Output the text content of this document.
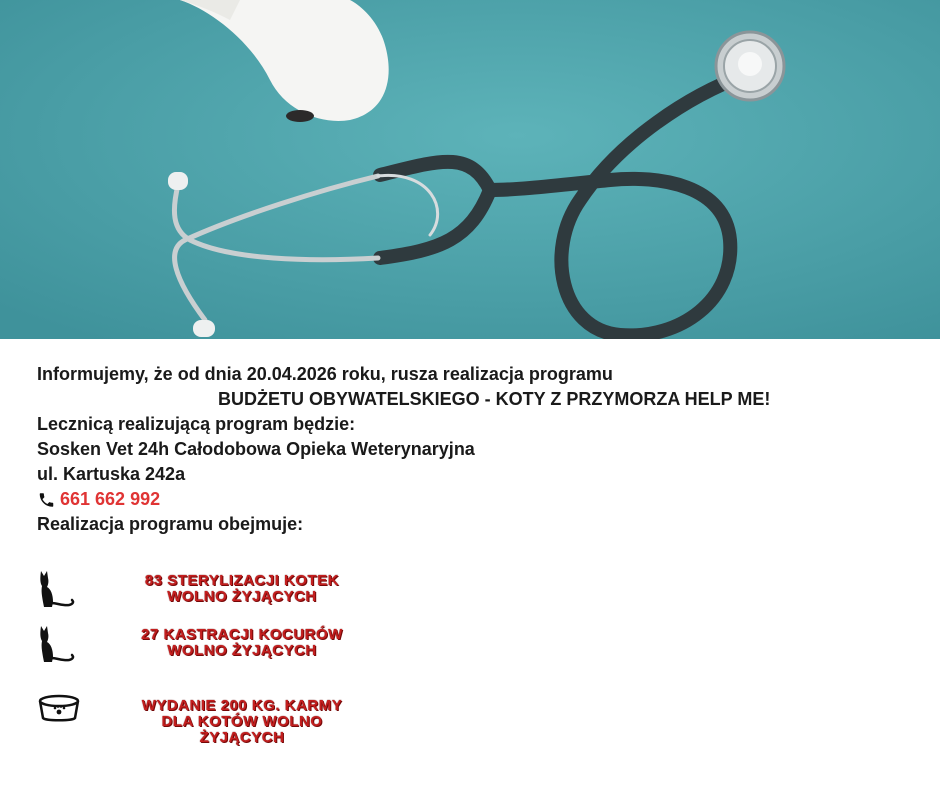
Informujemy, że od dnia 20.04.2026 roku, rusza realizacja programu
BUDŻETU OBYWATELSKIEGO - KOTY Z PRZYMORZA HELP ME!
Lecznicą realizującą program będzie:
Sosken Vet 24h Całodobowa Opieka Weterynaryjna
ul. Kartuska 242a
661 662 992
Realizacja programu obejmuje:
83 STERYLIZACJI KOTEK
WOLNO ŻYJĄCYCH
27 KASTRACJI KOCURÓW
WOLNO ŻYJĄCYCH
WYDANIE 200 KG. KARMY
DLA KOTÓW WOLNO
ŻYJĄCYCH
